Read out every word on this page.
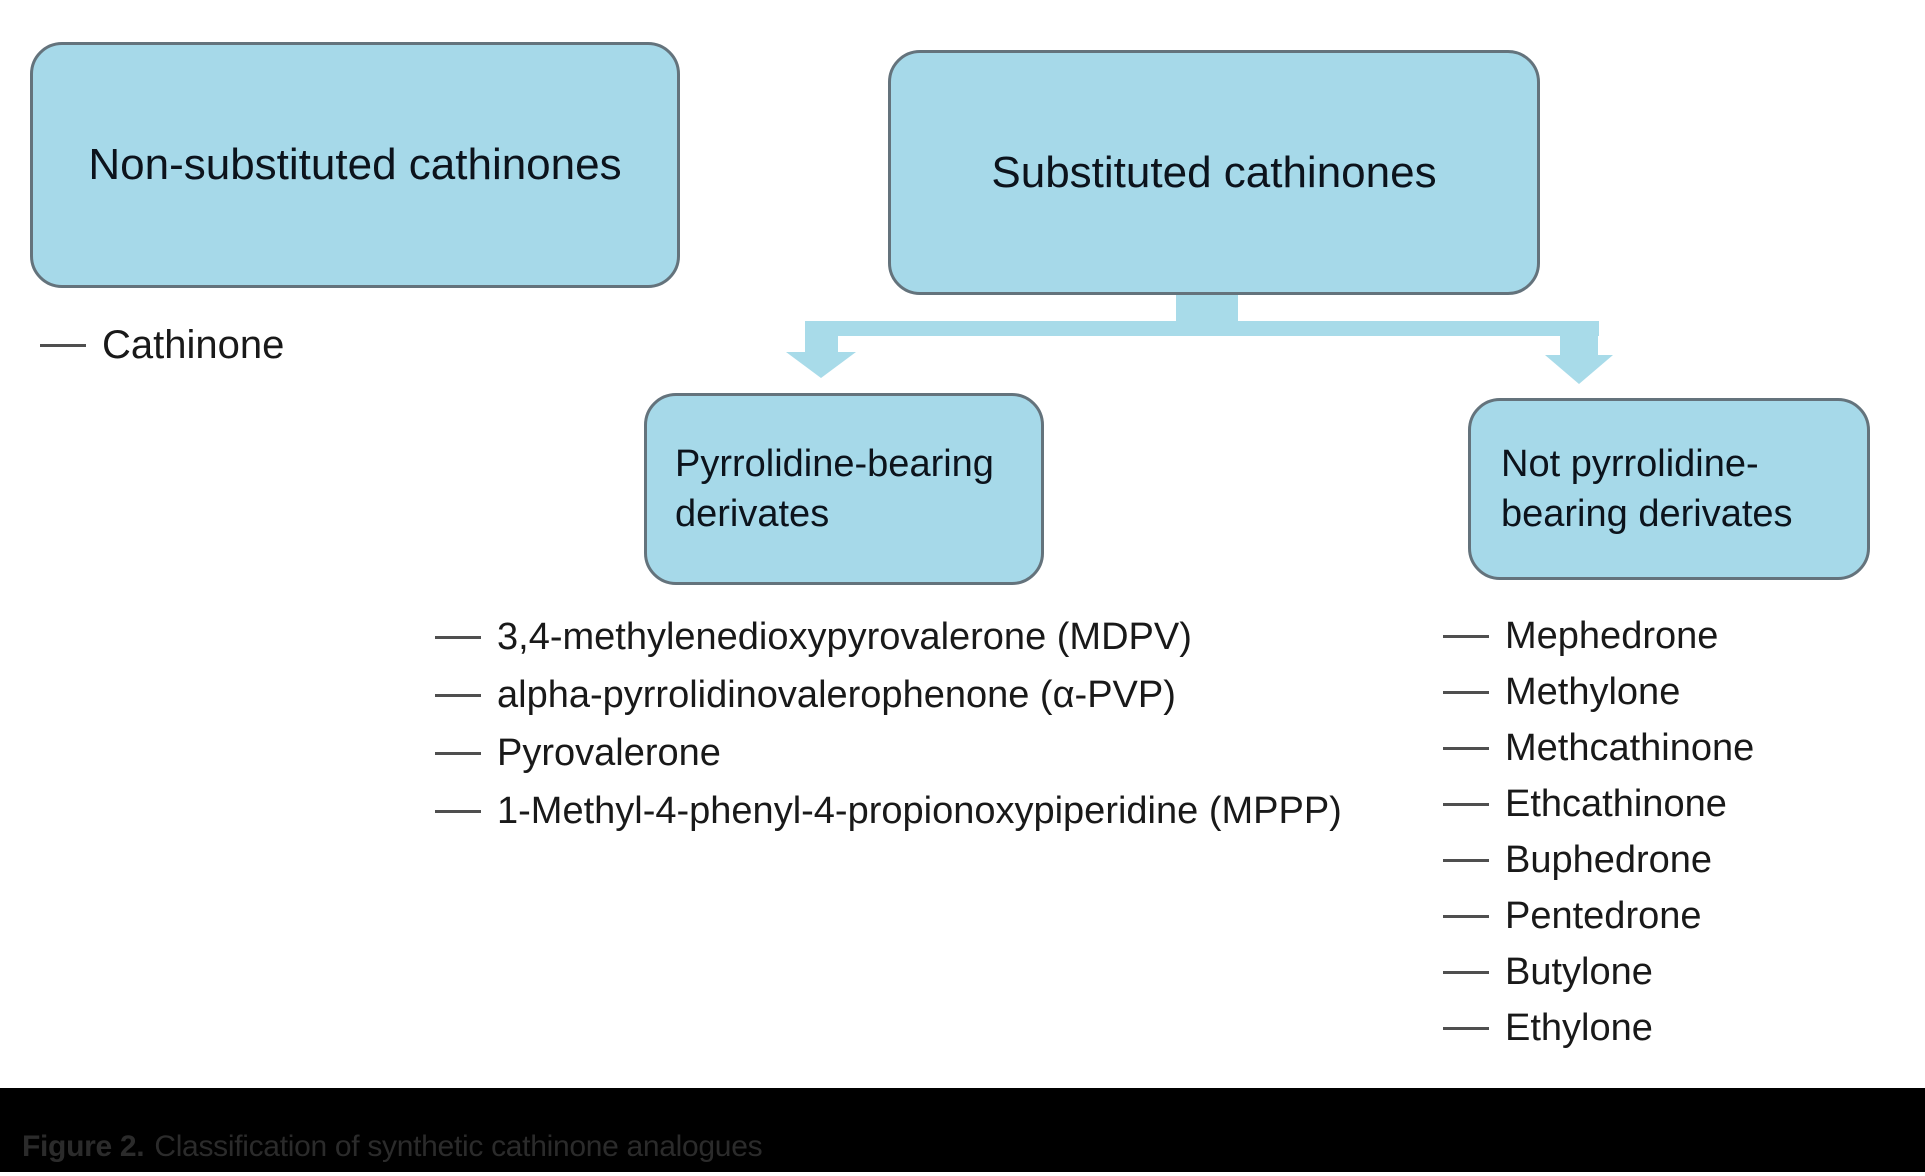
Non-substituted cathinones	Substituted cathinones
Pyrrolidine-bearing
derivates
Not pyrrolidine-
bearing derivates
Cathinone
3,4-methylenedioxypyrovalerone (MDPV)
alpha-pyrrolidinovalerophenone (α-PVP)
Pyrovalerone
1-Methyl-4-phenyl-4-propionoxypiperidine (MPPP)
Mephedrone
Methylone
Methcathinone
Ethcathinone
Buphedrone
Pentedrone
Butylone
Ethylone
Figure 2. Classification of synthetic cathinone analogues
